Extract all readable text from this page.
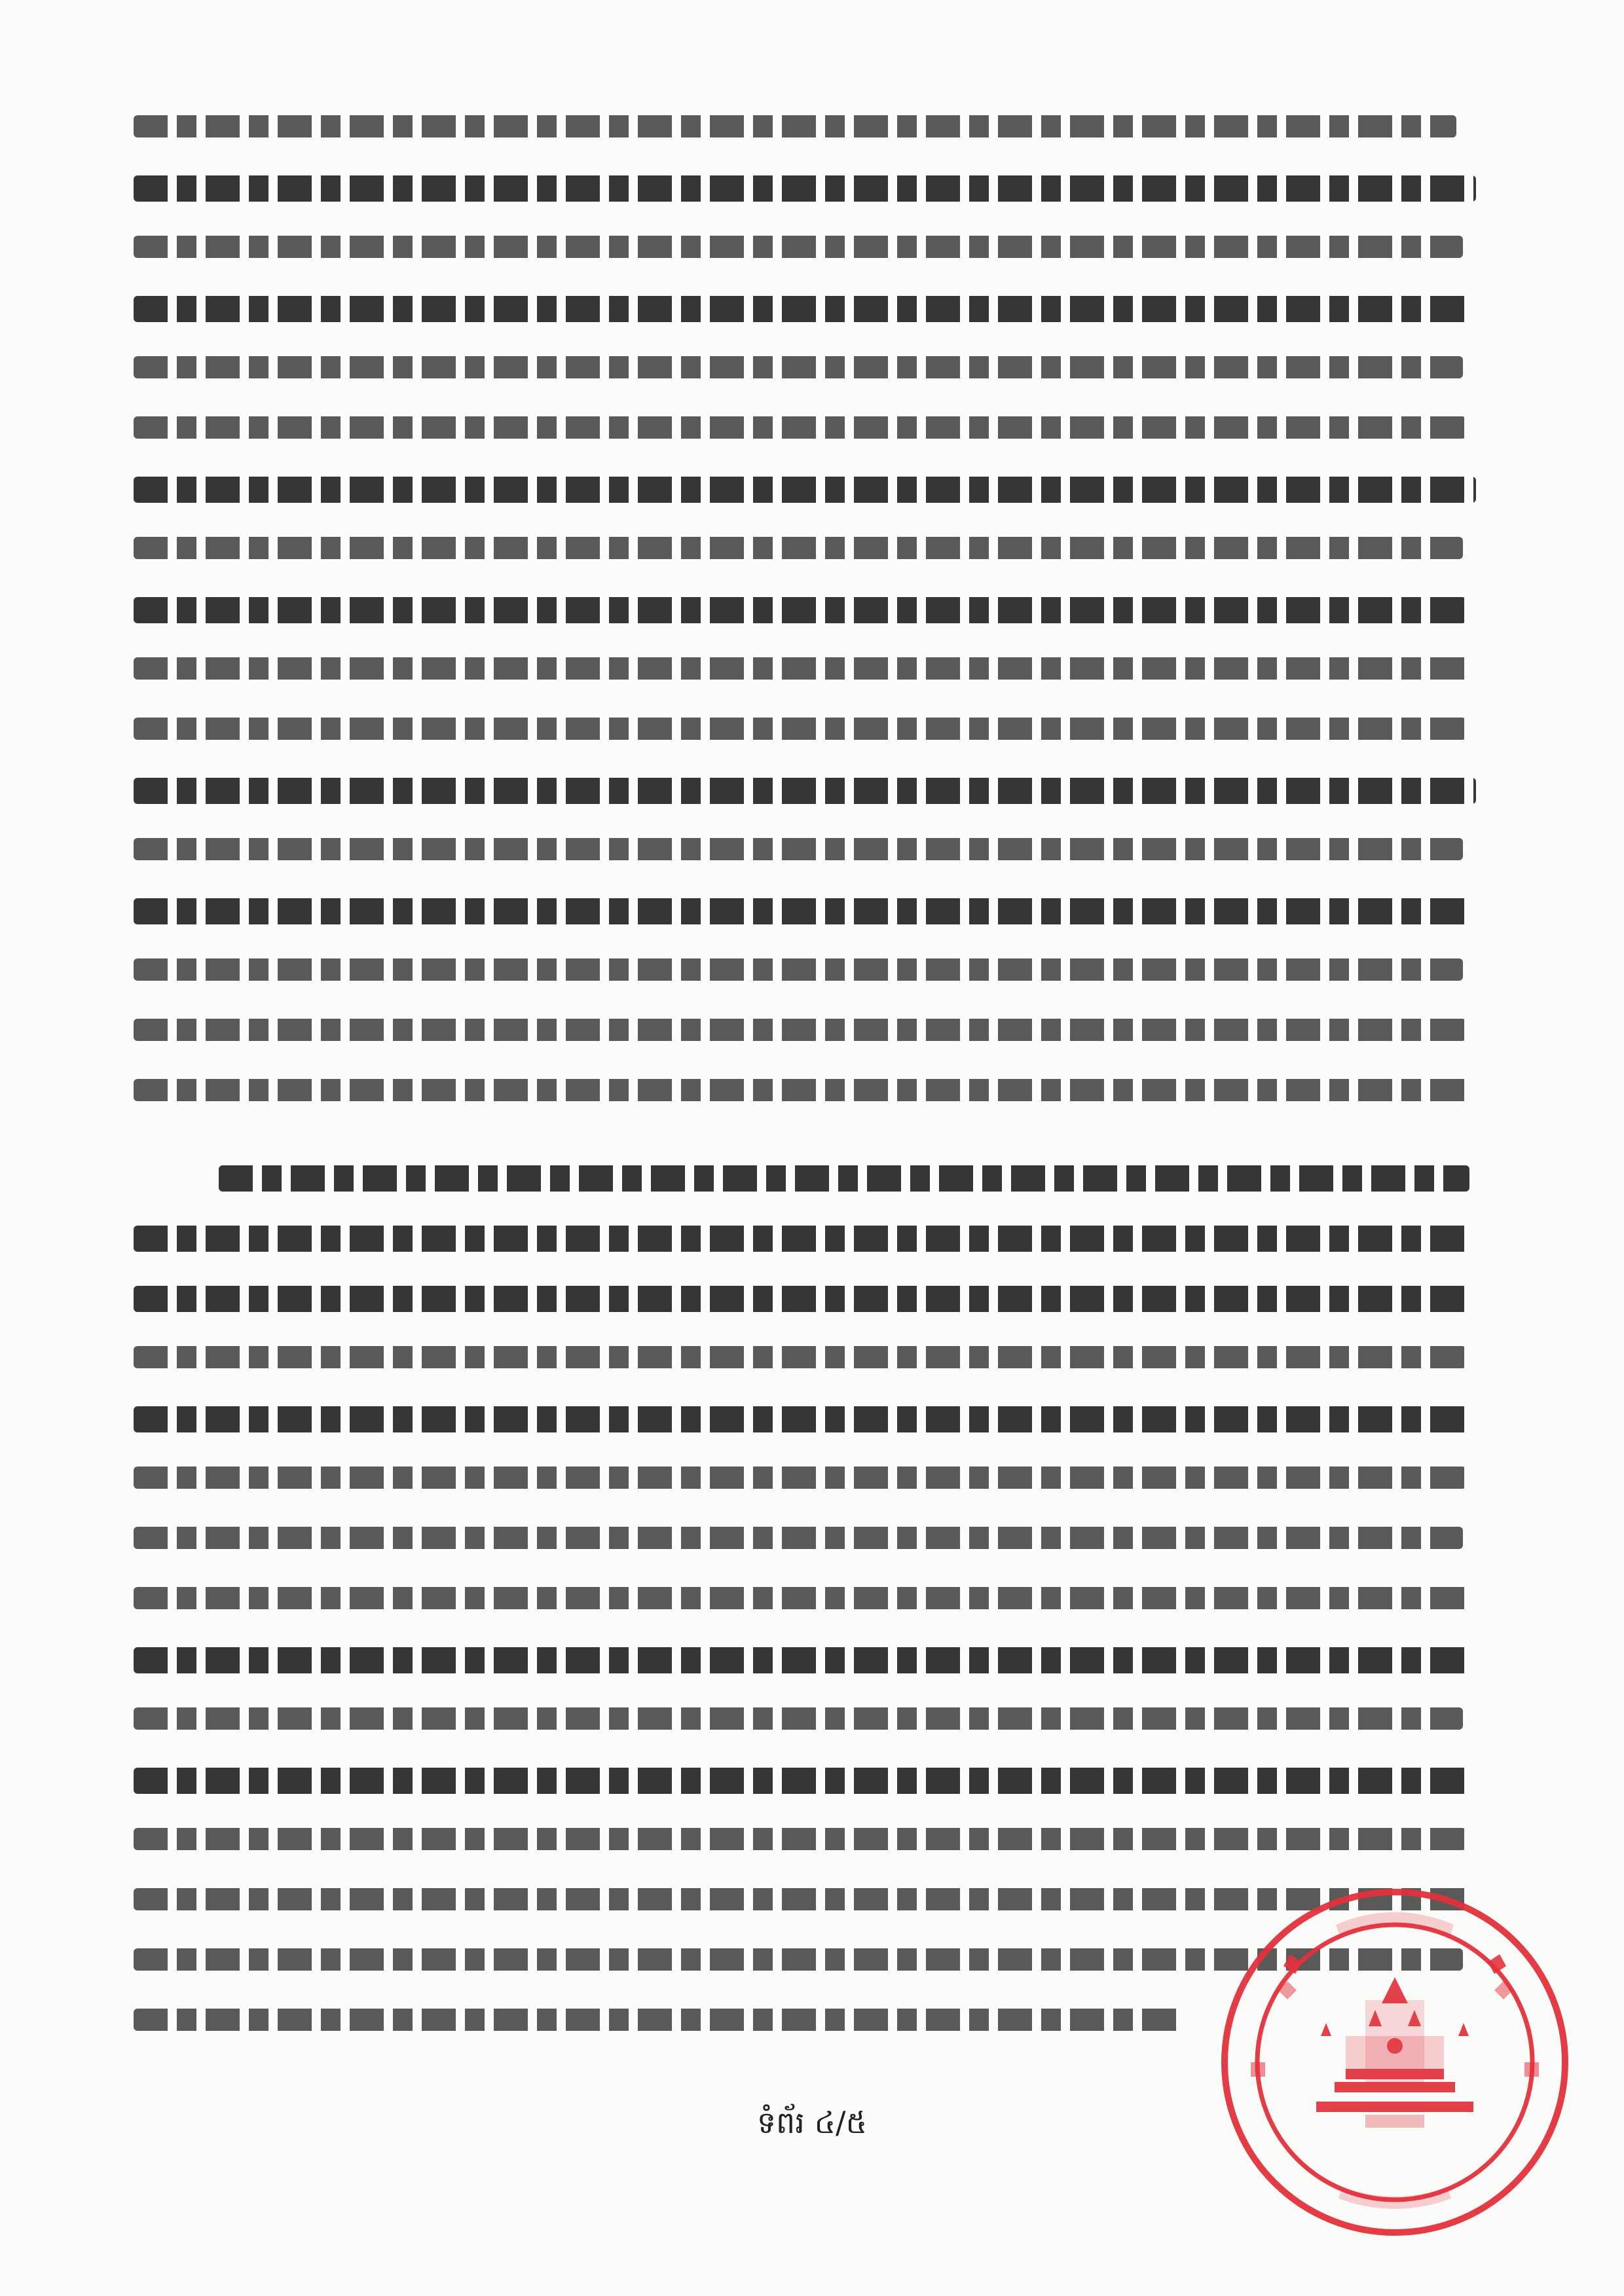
ទំព័រ ៤/៥
